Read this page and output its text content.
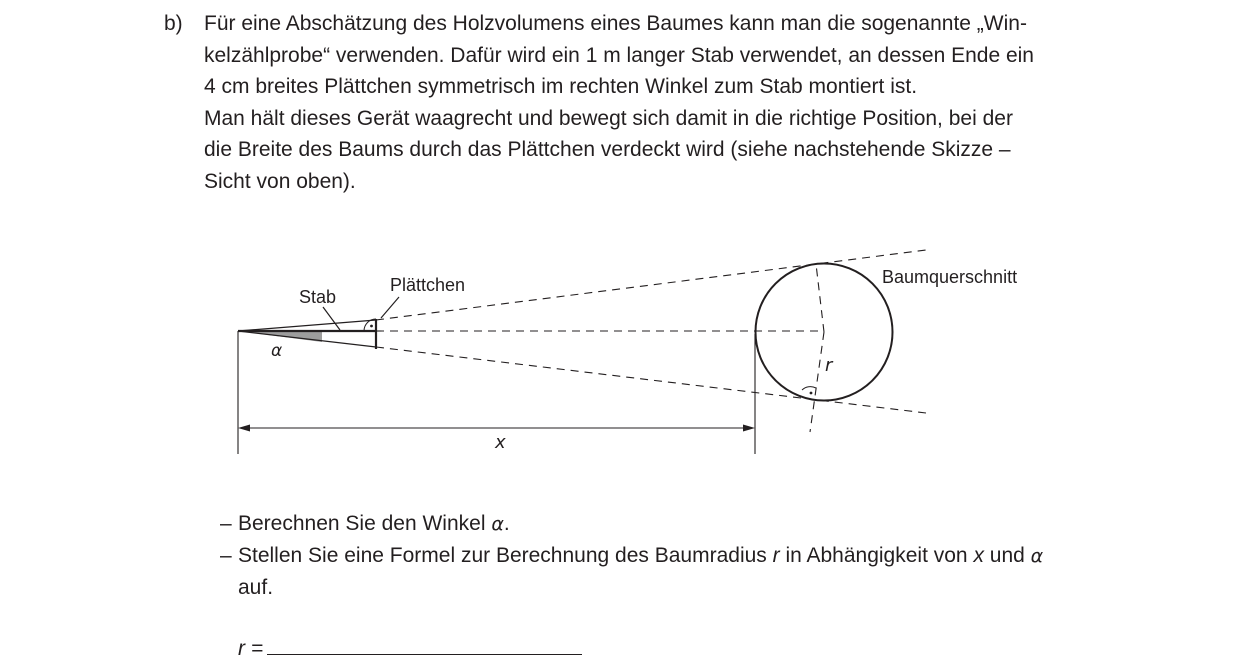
b) Für eine Abschätzung des Holzvolumens eines Baumes kann man die sogenannte „Win-
kelzählprobe“ verwenden. Dafür wird ein 1 m langer Stab verwendet, an dessen Ende ein
4 cm breites Plättchen symmetrisch im rechten Winkel zum Stab montiert ist.
Man hält dieses Gerät waagrecht und bewegt sich damit in die richtige Position, bei der
die Breite des Baums durch das Plättchen verdeckt wird (siehe nachstehende Skizze –
Sicht von oben).
Stab
Plättchen	Baumquerschnitt
α
r
x
– Berechnen Sie den Winkel α.
– Stellen Sie eine Formel zur Berechnung des Baumradius r in Abhängigkeit von x und α
auf.
r =
